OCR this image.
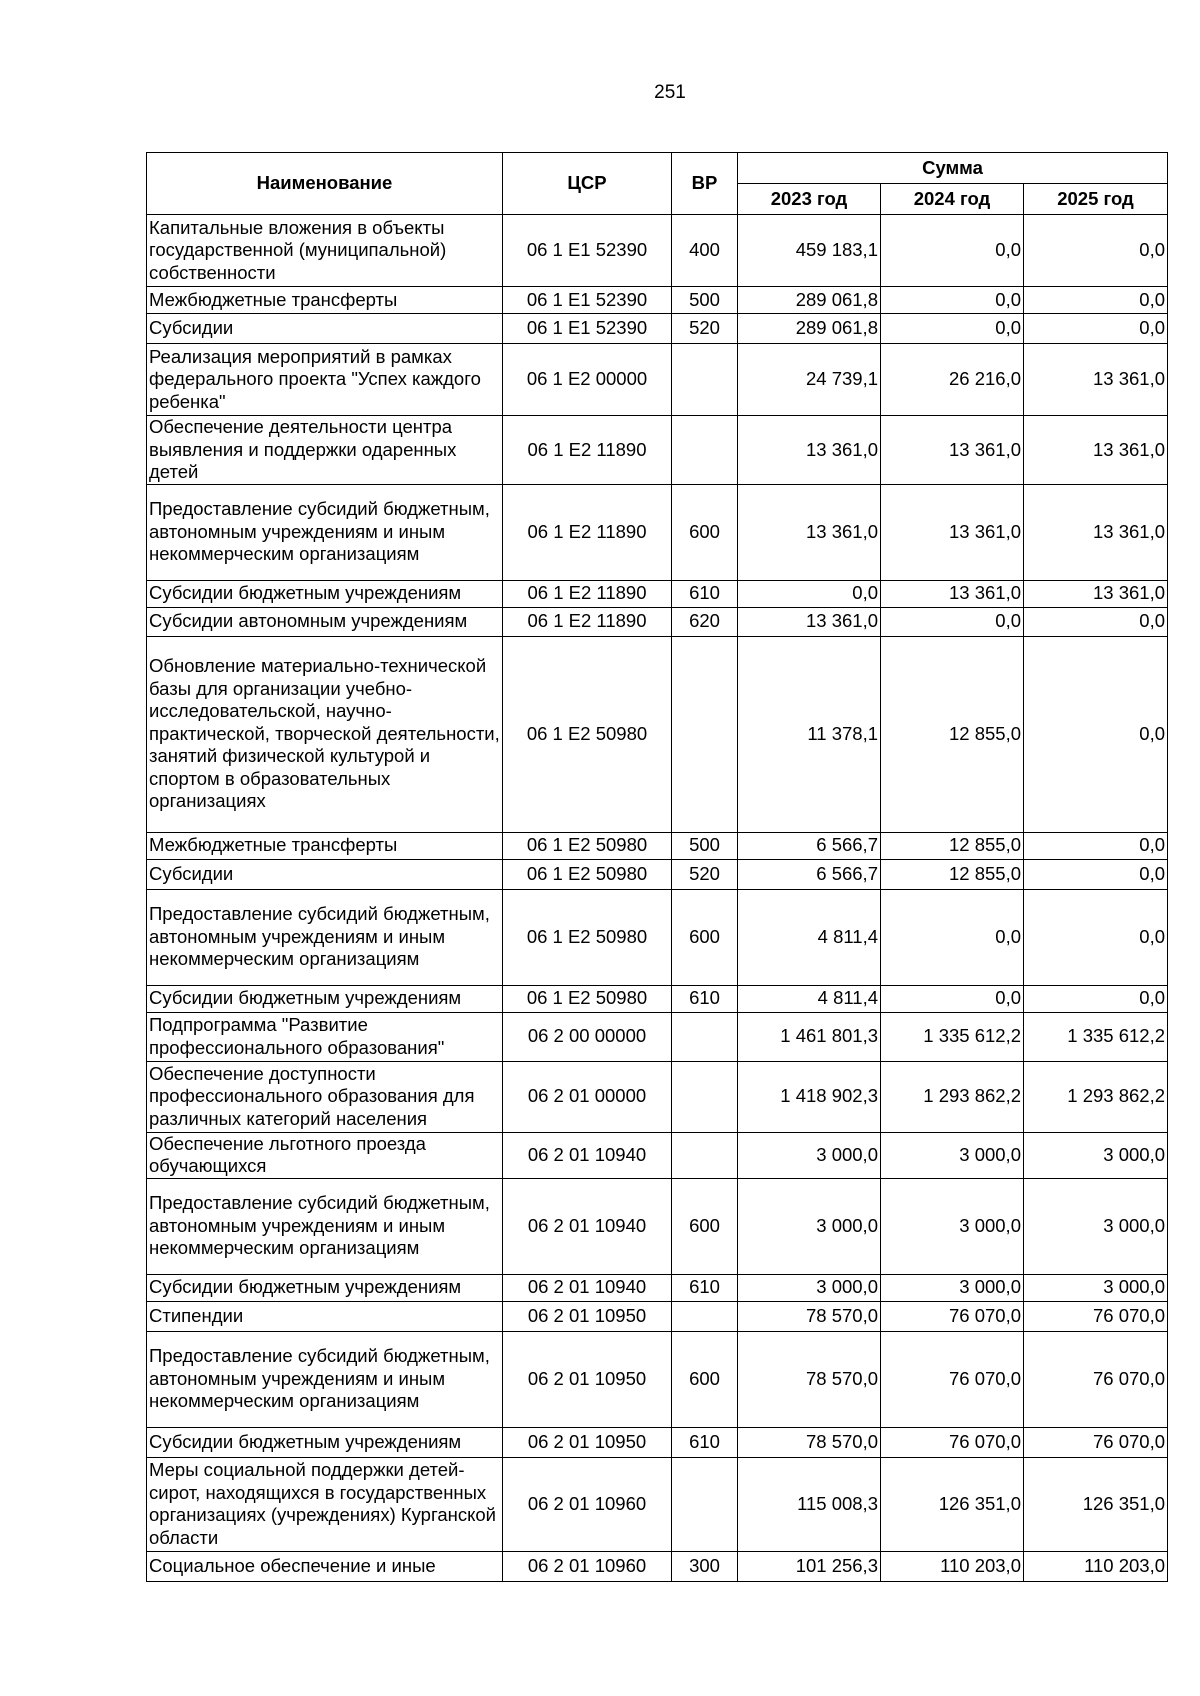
251
Наименование	ЦСР	ВР	Сумма		
			2023 год	2024 год	2025 год
Капитальные вложения в объекты государственной (муниципальной) собственности	06 1 Е1 52390	400	459 183,1	0,0	0,0
Межбюджетные трансферты	06 1 Е1 52390	500	289 061,8	0,0	0,0
Субсидии	06 1 Е1 52390	520	289 061,8	0,0	0,0
Реализация мероприятий в рамках федерального проекта "Успех каждого ребенка"	06 1 Е2 00000		24 739,1	26 216,0	13 361,0
Обеспечение деятельности центра выявления и поддержки одаренных детей	06 1 Е2 11890		13 361,0	13 361,0	13 361,0
Предоставление субсидий бюджетным, автономным учреждениям и иным некоммерческим организациям	06 1 Е2 11890	600	13 361,0	13 361,0	13 361,0
Субсидии бюджетным учреждениям	06 1 Е2 11890	610	0,0	13 361,0	13 361,0
Субсидии автономным учреждениям	06 1 Е2 11890	620	13 361,0	0,0	0,0
Обновление материально-технической базы для организации учебно-исследовательской, научно-практической, творческой деятельности, занятий физической культурой и спортом в образовательных организациях	06 1 Е2 50980		11 378,1	12 855,0	0,0
Межбюджетные трансферты	06 1 Е2 50980	500	6 566,7	12 855,0	0,0
Субсидии	06 1 Е2 50980	520	6 566,7	12 855,0	0,0
Предоставление субсидий бюджетным, автономным учреждениям и иным некоммерческим организациям	06 1 Е2 50980	600	4 811,4	0,0	0,0
Субсидии бюджетным учреждениям	06 1 Е2 50980	610	4 811,4	0,0	0,0
Подпрограмма "Развитие профессионального образования"	06 2 00 00000		1 461 801,3	1 335 612,2	1 335 612,2
Обеспечение доступности профессионального образования для различных категорий населения	06 2 01 00000		1 418 902,3	1 293 862,2	1 293 862,2
Обеспечение льготного проезда обучающихся	06 2 01 10940		3 000,0	3 000,0	3 000,0
Предоставление субсидий бюджетным, автономным учреждениям и иным некоммерческим организациям	06 2 01 10940	600	3 000,0	3 000,0	3 000,0
Субсидии бюджетным учреждениям	06 2 01 10940	610	3 000,0	3 000,0	3 000,0
Стипендии	06 2 01 10950		78 570,0	76 070,0	76 070,0
Предоставление субсидий бюджетным, автономным учреждениям и иным некоммерческим организациям	06 2 01 10950	600	78 570,0	76 070,0	76 070,0
Субсидии бюджетным учреждениям	06 2 01 10950	610	78 570,0	76 070,0	76 070,0
Меры социальной поддержки детей-сирот, находящихся в государственных организациях (учреждениях) Курганской области	06 2 01 10960		115 008,3	126 351,0	126 351,0
Социальное обеспечение и иные	06 2 01 10960	300	101 256,3	110 203,0	110 203,0
